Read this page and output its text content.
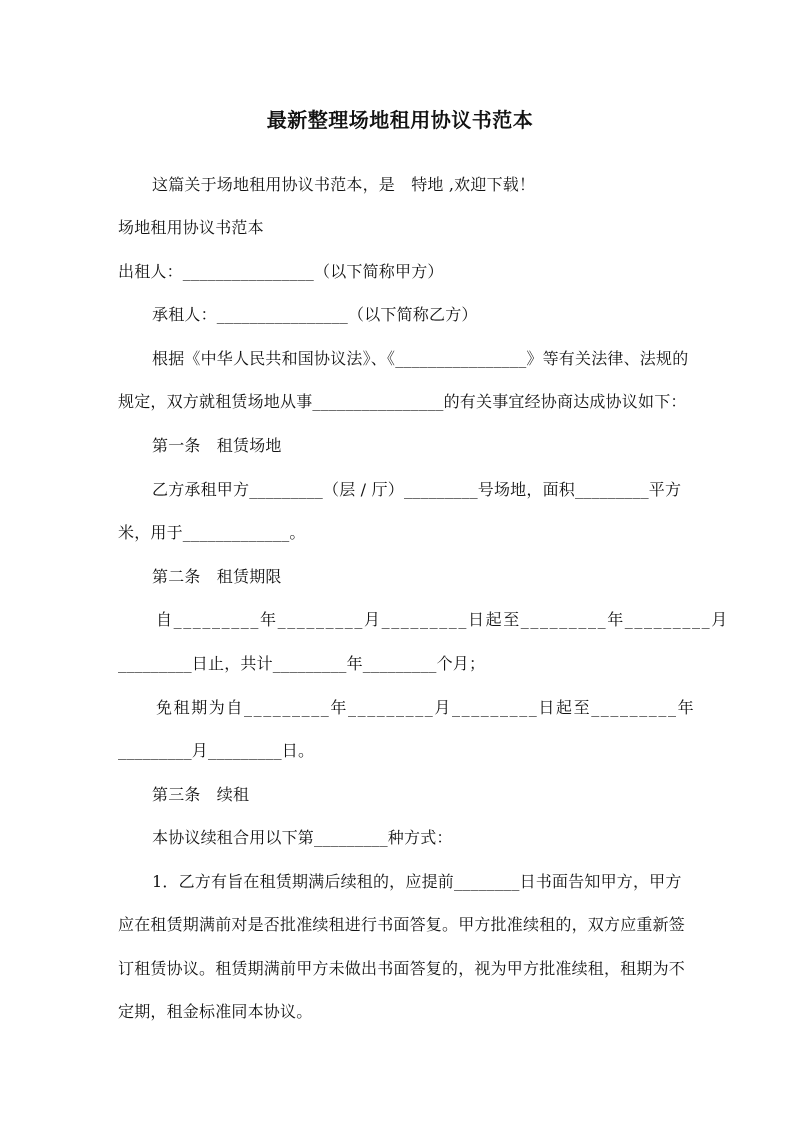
最新整理场地租用协议书范本
这篇关于场地租用协议书范本，是　特地 ,欢迎下载！
场地租用协议书范本
出租人：________________（以下简称甲方）
承租人：________________（以下简称乙方）
根据《中华人民共和国协议法》、《________________》等有关法律、法规的
规定，双方就租赁场地从事________________的有关事宜经协商达成协议如下：
第一条　租赁场地
乙方承租甲方_________（层 / 厅）_________号场地，面积_________平方
米，用于_____________。
第二条　租赁期限
自_________年_________月_________日起至_________年_________月
_________日止，共计_________年_________个月；
免租期为自_________年_________月_________日起至_________年
_________月_________日。
第三条　续租
本协议续租合用以下第_________种方式：
1．乙方有旨在租赁期满后续租的，应提前________日书面告知甲方，甲方
应在租赁期满前对是否批准续租进行书面答复。甲方批准续租的，双方应重新签
订租赁协议。租赁期满前甲方未做出书面答复的，视为甲方批准续租，租期为不
定期，租金标准同本协议。
